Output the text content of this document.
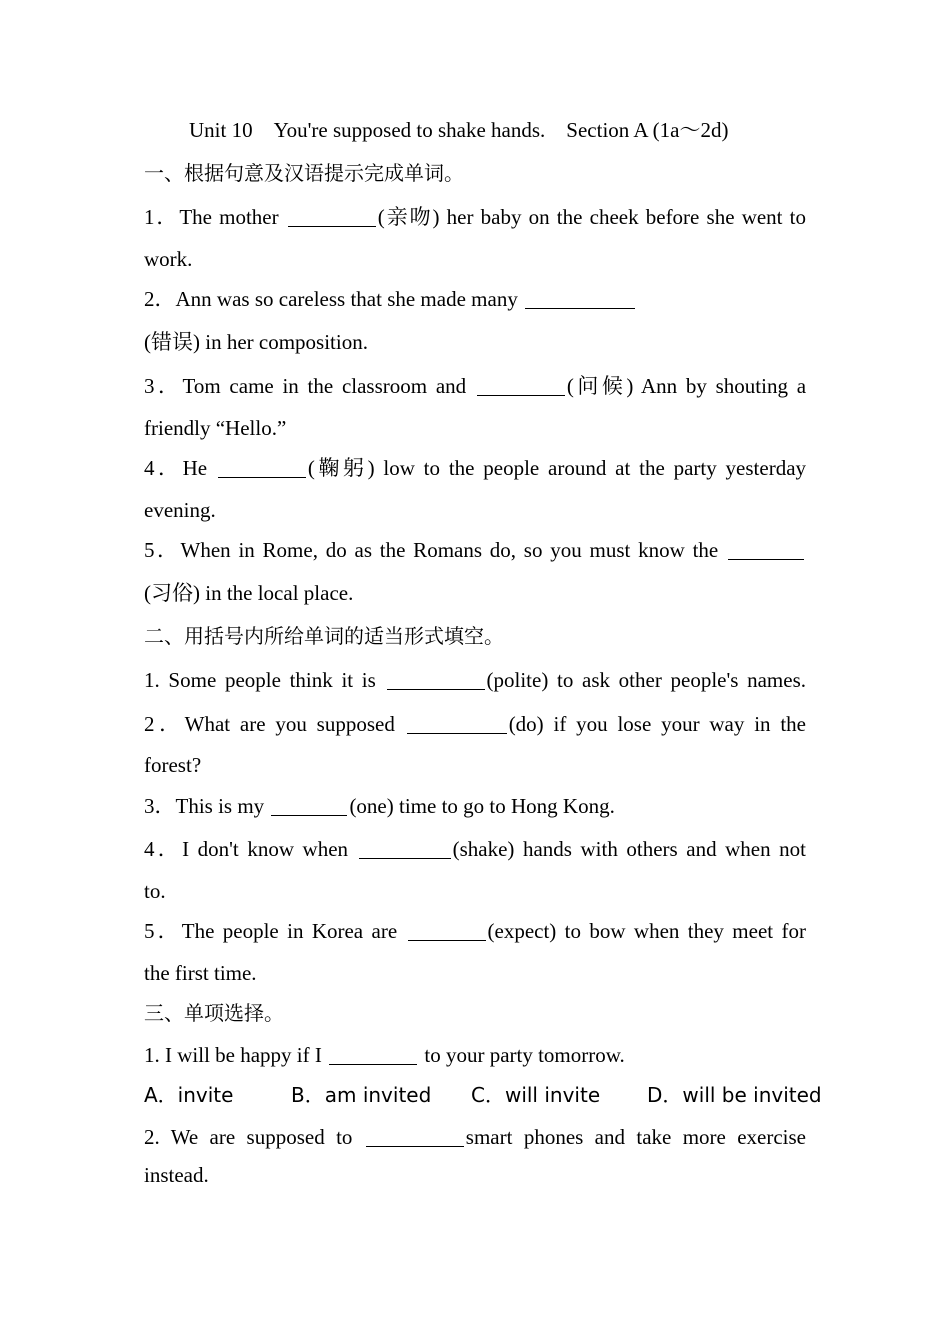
Unit 10　You're supposed to shake hands.　Section A (1a～2d)
一、根据句意及汉语提示完成单词。
1．The mother	(亲吻) her baby on the cheek before she went to
work.
2．Ann was so careless that she made many
(错误) in her composition.
3．Tom came in the classroom and	(问候) Ann by shouting a
friendly “Hello.”
4．He	(鞠躬) low to the people around at the party yesterday
evening.
5．When in Rome, do as the Romans do, so you must know the
(习俗) in the local place.
二、用括号内所给单词的适当形式填空。
1. Some people think it is	(polite) to ask other people's names.
2．What are you supposed	(do) if you lose your way in the
forest?
3．This is my	(one) time to go to Hong Kong.
4．I don't know when	(shake) hands with others and when not
to.
5．The people in Korea are	(expect) to bow when they meet for
the first time.
三、单项选择。
1. I will be happy if I	to your party tomorrow.
A．invite	B．am invited C．will invite D．will be invited
2. We are supposed to	smart phones and take more exercise
instead.
